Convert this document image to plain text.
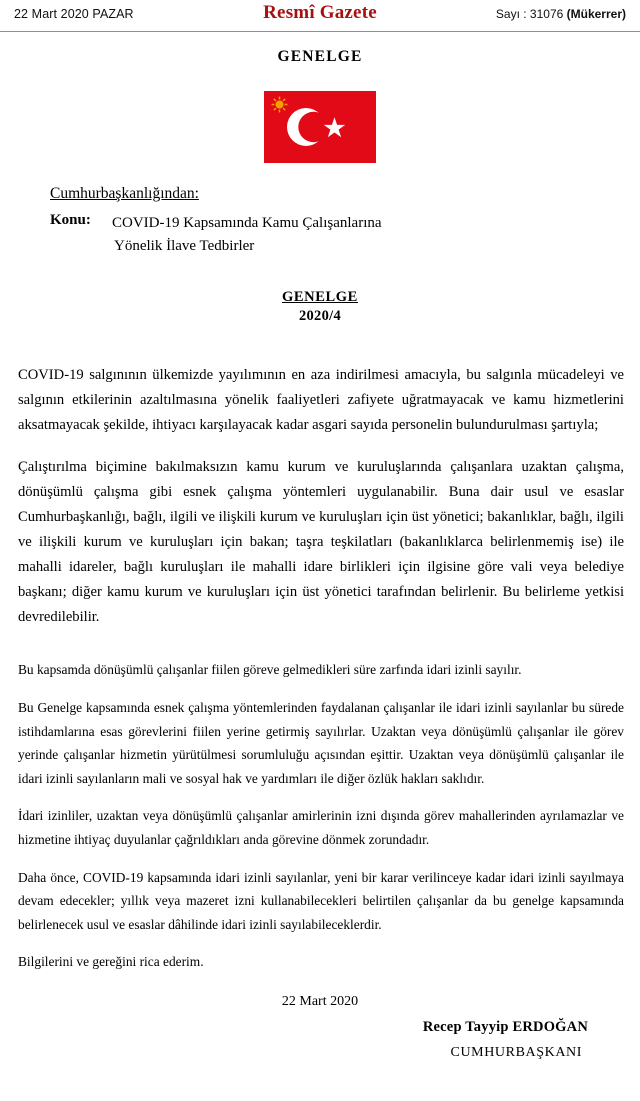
22 Mart 2020 PAZAR	Resmî Gazete	Sayı : 31076 (Mükerrer)
GENELGE
Cumhurbaşkanlığından:
Konu:	COVID-19 Kapsamında Kamu Çalışanlarına
Yönelik İlave Tedbirler
GENELGE
2020/4

COVID-19 salgınının ülkemizde yayılımının en aza indirilmesi amacıyla, bu salgınla mücadeleyi ve salgının etkilerinin azaltılmasına yönelik faaliyetleri zafiyete uğratmayacak ve kamu hizmetlerini aksatmayacak şekilde, ihtiyacı karşılayacak kadar asgari sayıda personelin bulundurulması şartıyla;

Çalıştırılma biçimine bakılmaksızın kamu kurum ve kuruluşlarında çalışanlara uzaktan çalışma, dönüşümlü çalışma gibi esnek çalışma yöntemleri uygulanabilir. Buna dair usul ve esaslar Cumhurbaşkanlığı, bağlı, ilgili ve ilişkili kurum ve kuruluşları için üst yönetici; bakanlıklar, bağlı, ilgili ve ilişkili kurum ve kuruluşları için bakan; taşra teşkilatları (bakanlıklarca belirlenmemiş ise) ile mahalli idareler, bağlı kuruluşları ile mahalli idare birlikleri için ilgisine göre vali veya belediye başkanı; diğer kamu kurum ve kuruluşları için üst yönetici tarafından belirlenir. Bu belirleme yetkisi devredilebilir.

Bu kapsamda dönüşümlü çalışanlar fiilen göreve gelmedikleri süre zarfında idari izinli sayılır.

Bu Genelge kapsamında esnek çalışma yöntemlerinden faydalanan çalışanlar ile idari izinli sayılanlar bu sürede istihdamlarına esas görevlerini fiilen yerine getirmiş sayılırlar. Uzaktan veya dönüşümlü çalışanlar ile görev yerinde çalışanlar hizmetin yürütülmesi sorumluluğu açısından eşittir. Uzaktan veya dönüşümlü çalışanlar ile idari izinli sayılanların mali ve sosyal hak ve yardımları ile diğer özlük hakları saklıdır.

İdari izinliler, uzaktan veya dönüşümlü çalışanlar amirlerinin izni dışında görev mahallerinden ayrılamazlar ve hizmetine ihtiyaç duyulanlar çağrıldıkları anda görevine dönmek zorundadır.

Daha önce, COVID-19 kapsamında idari izinli sayılanlar, yeni bir karar verilinceye kadar idari izinli sayılmaya devam edecekler; yıllık veya mazeret izni kullanabilecekleri belirtilen çalışanlar da bu genelge kapsamında belirlenecek usul ve esaslar dâhilinde idari izinli sayılabileceklerdir.

Bilgilerini ve gereğini rica ederim.

22 Mart 2020
Recep Tayyip ERDOĞAN
CUMHURBAŞKANI
